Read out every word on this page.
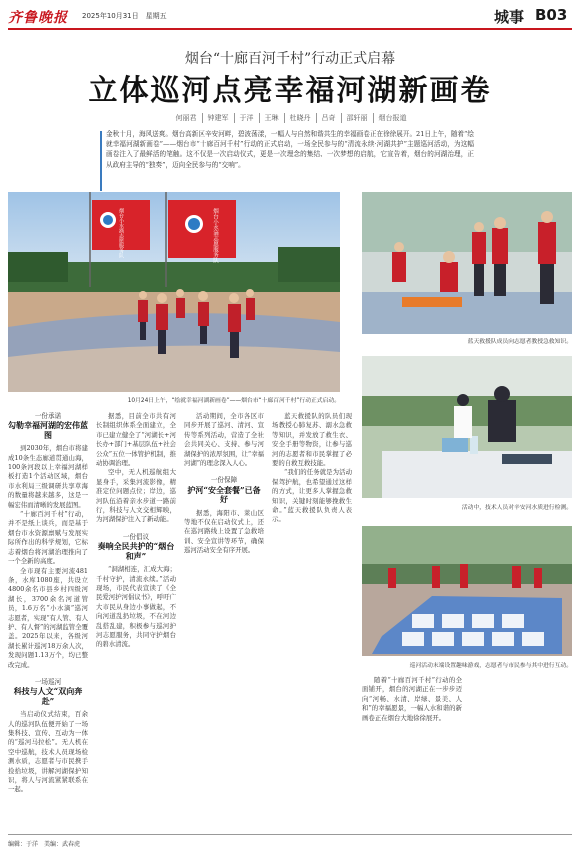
齐鲁晚报 2025年10月31日　星期五	城事 B03
烟台“十廊百河千村”行动正式启幕
立体巡河点亮幸福河湖新画卷
何丽君	钟建军	于洋	王琳	杜晓丹	吕奇	邵轩丽	烟台报道
金秋十月，海风送爽。烟台高新区辛安河畔，碧波荡漾，一幅人与自然和谐共生的幸福画卷正在徐徐展开。21日上午，随着“绘就幸福河湖新画卷”——烟台市“十廊百河千村”行动的正式启动，一场全民参与的“清流永续·河湖共护”主题巡河活动，为这幅画卷注入了最鲜活的笔触。这不仅是一次启动仪式，更是一次理念的集结、一次梦想的启航，它宣告着，烟台的河湖治理，正从政府主导的“独奏”，迈向全民参与的“交响”。
烟台小水滴志愿服务队	烟台小水滴志愿服务队
10月24日上午，“绘就幸福河湖新画卷”——烟台市“十廊百河千村”行动正式启动。
蓝天救援队成员向志愿者教授急救知识。
活动中，技术人员对辛安河水质进行检测。
巡河活动末端设置趣味游戏，志愿者与市民参与其中进行互动。
一份承诺
勾勒幸福河湖的宏伟蓝图

到2030年，烟台市将建成10条生态廊道贯通山海，100条河段以上幸福河湖样板打造1个活动区域，烟台市水利局三级调研共享草海的数量将越来越多，这是一幅宏伟而清晰的发展蓝图。

“十廊百河千村”行动，并不是纸上谈兵，而是基于烟台市水资源禀赋与发展实际所作出的科学规划，它标志着烟台将河湖治理推向了一个全新的高度。

全市现有主要河流481条，水库1080座，共设立4800余名市县乡村四级河湖长，3700余名河道管员，1.6万名“小水滴”巡河志愿者，实现“有人管、有人护、有人督”的河湖监管全覆盖。2025年以来，各级河湖长累计巡河18万余人次，发现问题1.13万个，均已整改完成。

一场巡河
科技与人文“双向奔赴”

当启动仪式结束，百余人的巡河队伍便开始了一场集科技、宣传、互动为一体的“巡河马拉松”。无人机在空中巡航，技术人员现场检测水质，志愿者与市民携手捡拾垃圾，讲解河湖保护知识，将人与河流紧紧联系在一起。

据悉，目前全市共有河长制组织体系全面建立，全市已建立健全了“河湖长+河长办+部门+基层队伍+社会公众”五位一体管护机制，推动协调治理。

空中，无人机巡航组大显身手，采集河流影像，精准定位问题点位；岸边，巡河队伍沿着亲水步道一路前行，科技与人文交相辉映，为河湖保护注入了新动能。

一份倡议
奏响全民共护的“烟台和声”

“洞湖相连，汇成大海；千村守护，清流永续。”活动现场，市民代表宣读了《全民爱河护河倡议书》，呼吁广大市民从身边小事做起，不向河道乱扔垃圾，不在河边乱搭乱建，积极参与巡河护河志愿服务，共同守护烟台的碧水清流。

活动期间，全市各区市同步开展了巡河、清河、宣传等系列活动，营造了全社会共同关心、支持、参与河湖保护的浓厚氛围，让“幸福河湖”的理念深入人心。

一份保障
护河“安全套餐”已备好

据悉，海阳市、莱山区等地不仅在启动仪式上，还在巡河路线上设置了急救培训、安全宣讲等环节，确保巡河活动安全有序开展。

蓝天救援队的队员们现场教授心肺复苏、溺水急救等知识，并发放了救生衣、安全手册等物资，让参与巡河的志愿者和市民掌握了必要的自救互救技能。

“我们的任务就是为活动保驾护航，也希望通过这样的方式，让更多人掌握急救知识，关键时刻能够挽救生命。”蓝天救援队负责人表示。

随着“十廊百河千村”行动的全面铺开，烟台的河湖正在一步步迈向“河畅、水清、岸绿、景美、人和”的幸福愿景，一幅人水和谐的新画卷正在烟台大地徐徐展开。

编辑：于洋　美编：武春虎
